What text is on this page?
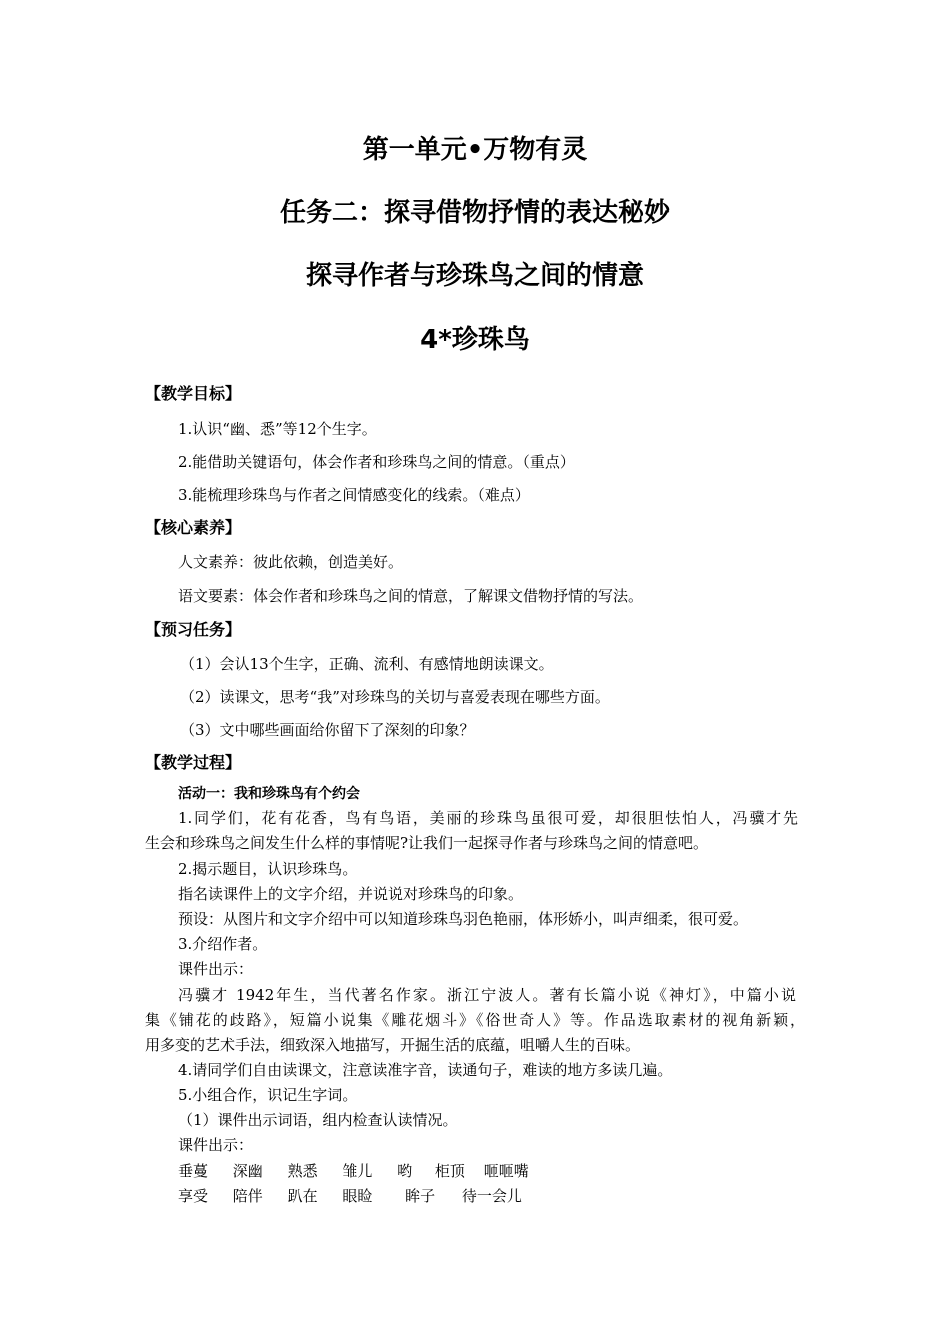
第一单元•万物有灵
任务二：探寻借物抒情的表达秘妙
探寻作者与珍珠鸟之间的情意
4*珍珠鸟
【教学目标】
1.认识“幽、悉”等12个生字。
2.能借助关键语句，体会作者和珍珠鸟之间的情意。（重点）
3.能梳理珍珠鸟与作者之间情感变化的线索。（难点）
【核心素养】
人文素养：彼此依赖，创造美好。
语文要素：体会作者和珍珠鸟之间的情意，了解课文借物抒情的写法。
【预习任务】
（1）会认13个生字，正确、流利、有感情地朗读课文。
（2）读课文，思考“我”对珍珠鸟的关切与喜爱表现在哪些方面。
（3）文中哪些画面给你留下了深刻的印象？
【教学过程】
活动一：我和珍珠鸟有个约会
1.同学们，花有花香，鸟有鸟语，美丽的珍珠鸟虽很可爱，却很胆怯怕人，冯骥才先
生会和珍珠鸟之间发生什么样的事情呢?让我们一起探寻作者与珍珠鸟之间的情意吧。
2.揭示题目，认识珍珠鸟。
指名读课件上的文字介绍，并说说对珍珠鸟的印象。
预设：从图片和文字介绍中可以知道珍珠鸟羽色艳丽，体形娇小，叫声细柔，很可爱。
3.介绍作者。
课件出示：
冯骥才 1942年生，当代著名作家。浙江宁波人。著有长篇小说《神灯》，中篇小说
集《铺花的歧路》，短篇小说集《雕花烟斗》《俗世奇人》等。作品选取素材的视角新颖，
用多变的艺术手法，细致深入地描写，开掘生活的底蕴，咀嚼人生的百味。
4.请同学们自由读课文，注意读准字音，读通句子，难读的地方多读几遍。
5.小组合作，识记生字词。
（1）课件出示词语，组内检查认读情况。
课件出示：
垂蔓 深幽 熟悉 雏儿 哟 柜顶 咂咂嘴
享受 陪伴 趴在 眼睑 眸子 待一会儿
